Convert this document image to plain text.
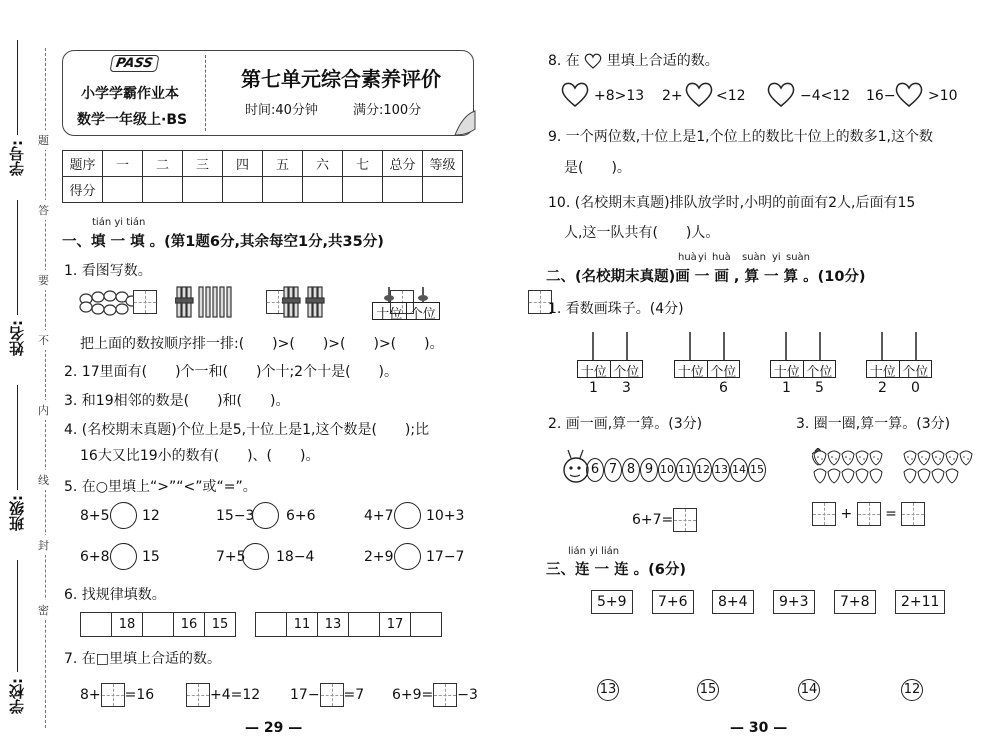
学号:
姓名:
班级:
学校:
题
答
要
不
内
线
封
密
PASS
小学学霸作业本
数学一年级上·BS
第七单元综合素养评价
时间:40分钟	满分:100分
题序	一	二	三	四	五	六	七	总分	等级
得分									
tián yi tián
一、填 一 填 。(第1题6分,其余每空1分,共35分)
1. 看图写数。

十位 个位
把上面的数按顺序排一排:(　　)>(　　)>(　　)>(　　)。
2. 17里面有(　　)个一和(　　)个十;2个十是(　　)。
3. 和19相邻的数是(　　)和(　　)。
4. (名校期末真题)个位上是5,十位上是1,这个数是(　　);比
16大又比19小的数有(　　)、(　　)。
5. 在○里填上“>”“<”或“=”。
8+5 12	15−3 6+6	4+7 10+3
6+8 15	7+5 18−4	2+9 17−7
6. 找规律填数。
	18		16	15
		11	13		17	
7. 在□里填上合适的数。
8+ =16	+4=12 17− =7 6+9= −3
— 29 —
8. 在 里填上合适的数。
+8>13 2+ <12	−4<12 16− >10
9. 一个两位数,十位上是1,个位上的数比十位上的数多1,这个数
是(　　)。
10. (名校期末真题)排队放学时,小明的前面有2人,后面有15
人,这一队共有(　　)人。
huà yi huà suàn yi suàn
二、(名校期末真题)画 一 画 , 算 一 算 。(10分)
1. 看数画珠子。(4分)
十位 个位
1	3
十位 个位
6
十位 个位
1	5
十位 个位
2	0
2. 画一画,算一算。(3分)	3. 圈一圈,算一算。(3分)
6 7 8 9 10 11 12 13 14 15
6+7=	+ =
lián yi lián
三、连 一 连 。(6分)
5+9	7+6	8+4	9+3	7+8	2+11
13	15	14	12
— 30 —
